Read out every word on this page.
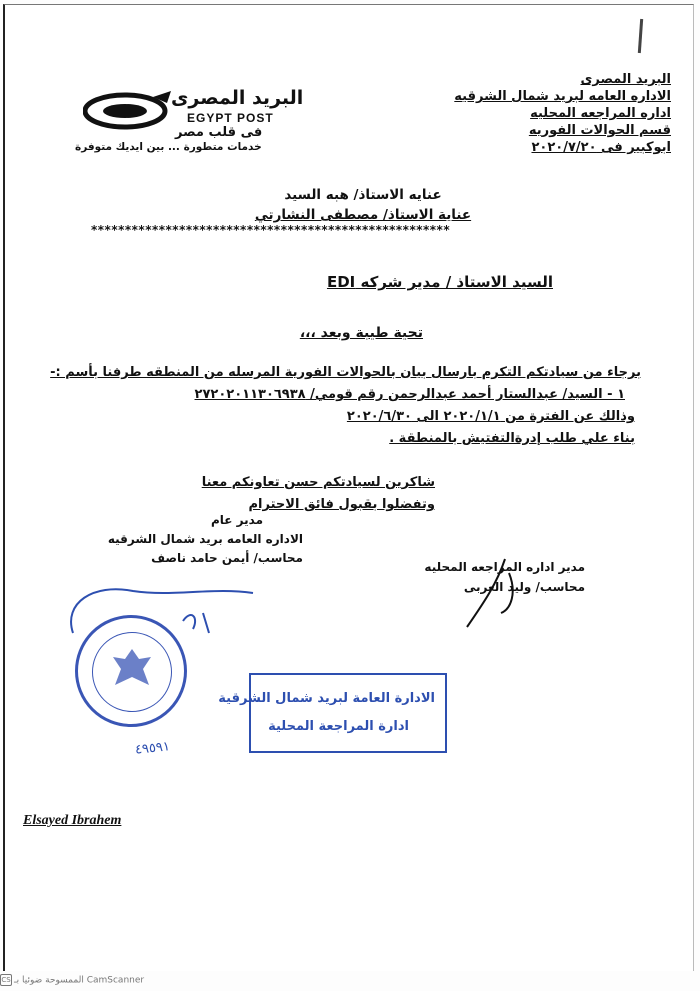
البريد المصرى
الاداره العامه لبريد شمال الشرقيه
اداره المراجعه المحليه
قسم الحوالات الفوريه
ابوكبير فى ٢٠٢٠/٧/٢٠
البريد المصرى
EGYPT POST
فى قلب مصر
خدمات متطورة ... بين ايديك متوفرة
عنايه الاستاذ/ هبه السيد
عناية الاستاذ/ مصطفى النشارتي
*****************************************************
السيد الاستاذ / مدير شركه EDI
تحية طيبة وبعد ،،،
برجاء من سيادتكم التكرم بارسال بيان بالحوالات الفورية المرسله من المنطقه طرفنا بأسم :-
١ - السيد/ عبدالستار أحمد عبدالرحمن رقم قومي/ ٢٧٢٠٢٠١١٣٠٦٩٣٨
وذالك عن الفترة من ٢٠٢٠/١/١ الى ٢٠٢٠/٦/٣٠
بناء علي طلب إدرةالتفتيش بالمنطقة .
شاكرين لسيادتكم حسن تعاونكم معنا
وتفضلوا بقبول فائق الاحترام
مدير عام
الاداره العامه بريد شمال الشرقيه
محاسب/ أيمن حامد ناصف
مدير اداره المراجعه المحليه
محاسب/ وليد العربى
الادارة العامة لبريد شمال الشرقية
ادارة المراجعة المحلية
٤٩٥٩١
Elsayed Ibrahem
CS الممسوحة ضوئيا بـ CamScanner
